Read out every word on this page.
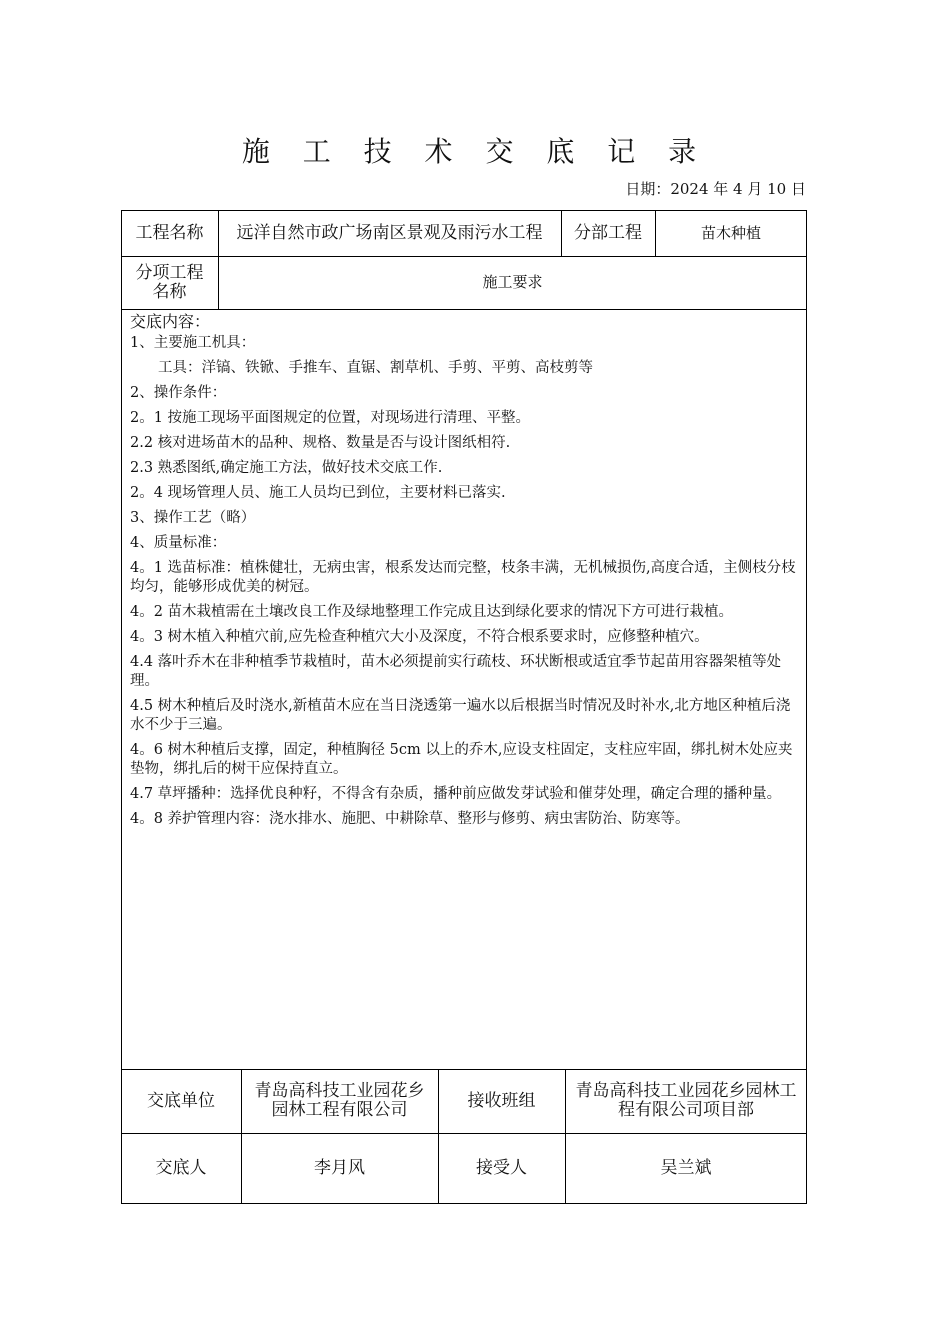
施 工 技 术 交 底 记 录
日期：2024 年 4 月 10 日
工程名称	远洋自然市政广场南区景观及雨污水工程	分部工程	苗木种植
分项工程名称	施工要求
交底内容：
1、主要施工机具：
工具：洋镐、铁锨、手推车、直锯、割草机、手剪、平剪、高枝剪等
2、操作条件：
2。1 按施工现场平面图规定的位置，对现场进行清理、平整。
2.2 核对进场苗木的品种、规格、数量是否与设计图纸相符.
2.3 熟悉图纸,确定施工方法，做好技术交底工作.
2。4 现场管理人员、施工人员均已到位，主要材料已落实.
3、操作工艺（略）
4、质量标准：
4。1 选苗标准：植株健壮，无病虫害，根系发达而完整，枝条丰满，无机械损伤,高度合适，主侧枝分枝均匀，能够形成优美的树冠。
4。2 苗木栽植需在土壤改良工作及绿地整理工作完成且达到绿化要求的情况下方可进行栽植。
4。3 树木植入种植穴前,应先检查种植穴大小及深度，不符合根系要求时，应修整种植穴。
4.4 落叶乔木在非种植季节栽植时，苗木必须提前实行疏枝、环状断根或适宜季节起苗用容器架植等处理。
4.5 树木种植后及时浇水,新植苗木应在当日浇透第一遍水以后根据当时情况及时补水,北方地区种植后浇水不少于三遍。
4。6 树木种植后支撑，固定，种植胸径 5cm 以上的乔木,应设支柱固定，支柱应牢固，绑扎树木处应夹垫物，绑扎后的树干应保持直立。
4.7 草坪播种：选择优良种籽，不得含有杂质，播种前应做发芽试验和催芽处理，确定合理的播种量。
4。8 养护管理内容：浇水排水、施肥、中耕除草、整形与修剪、病虫害防治、防寒等。
交底单位	青岛高科技工业园花乡园林工程有限公司	接收班组	青岛高科技工业园花乡园林工程有限公司项目部
交底人	李月风	接受人	吴兰斌
